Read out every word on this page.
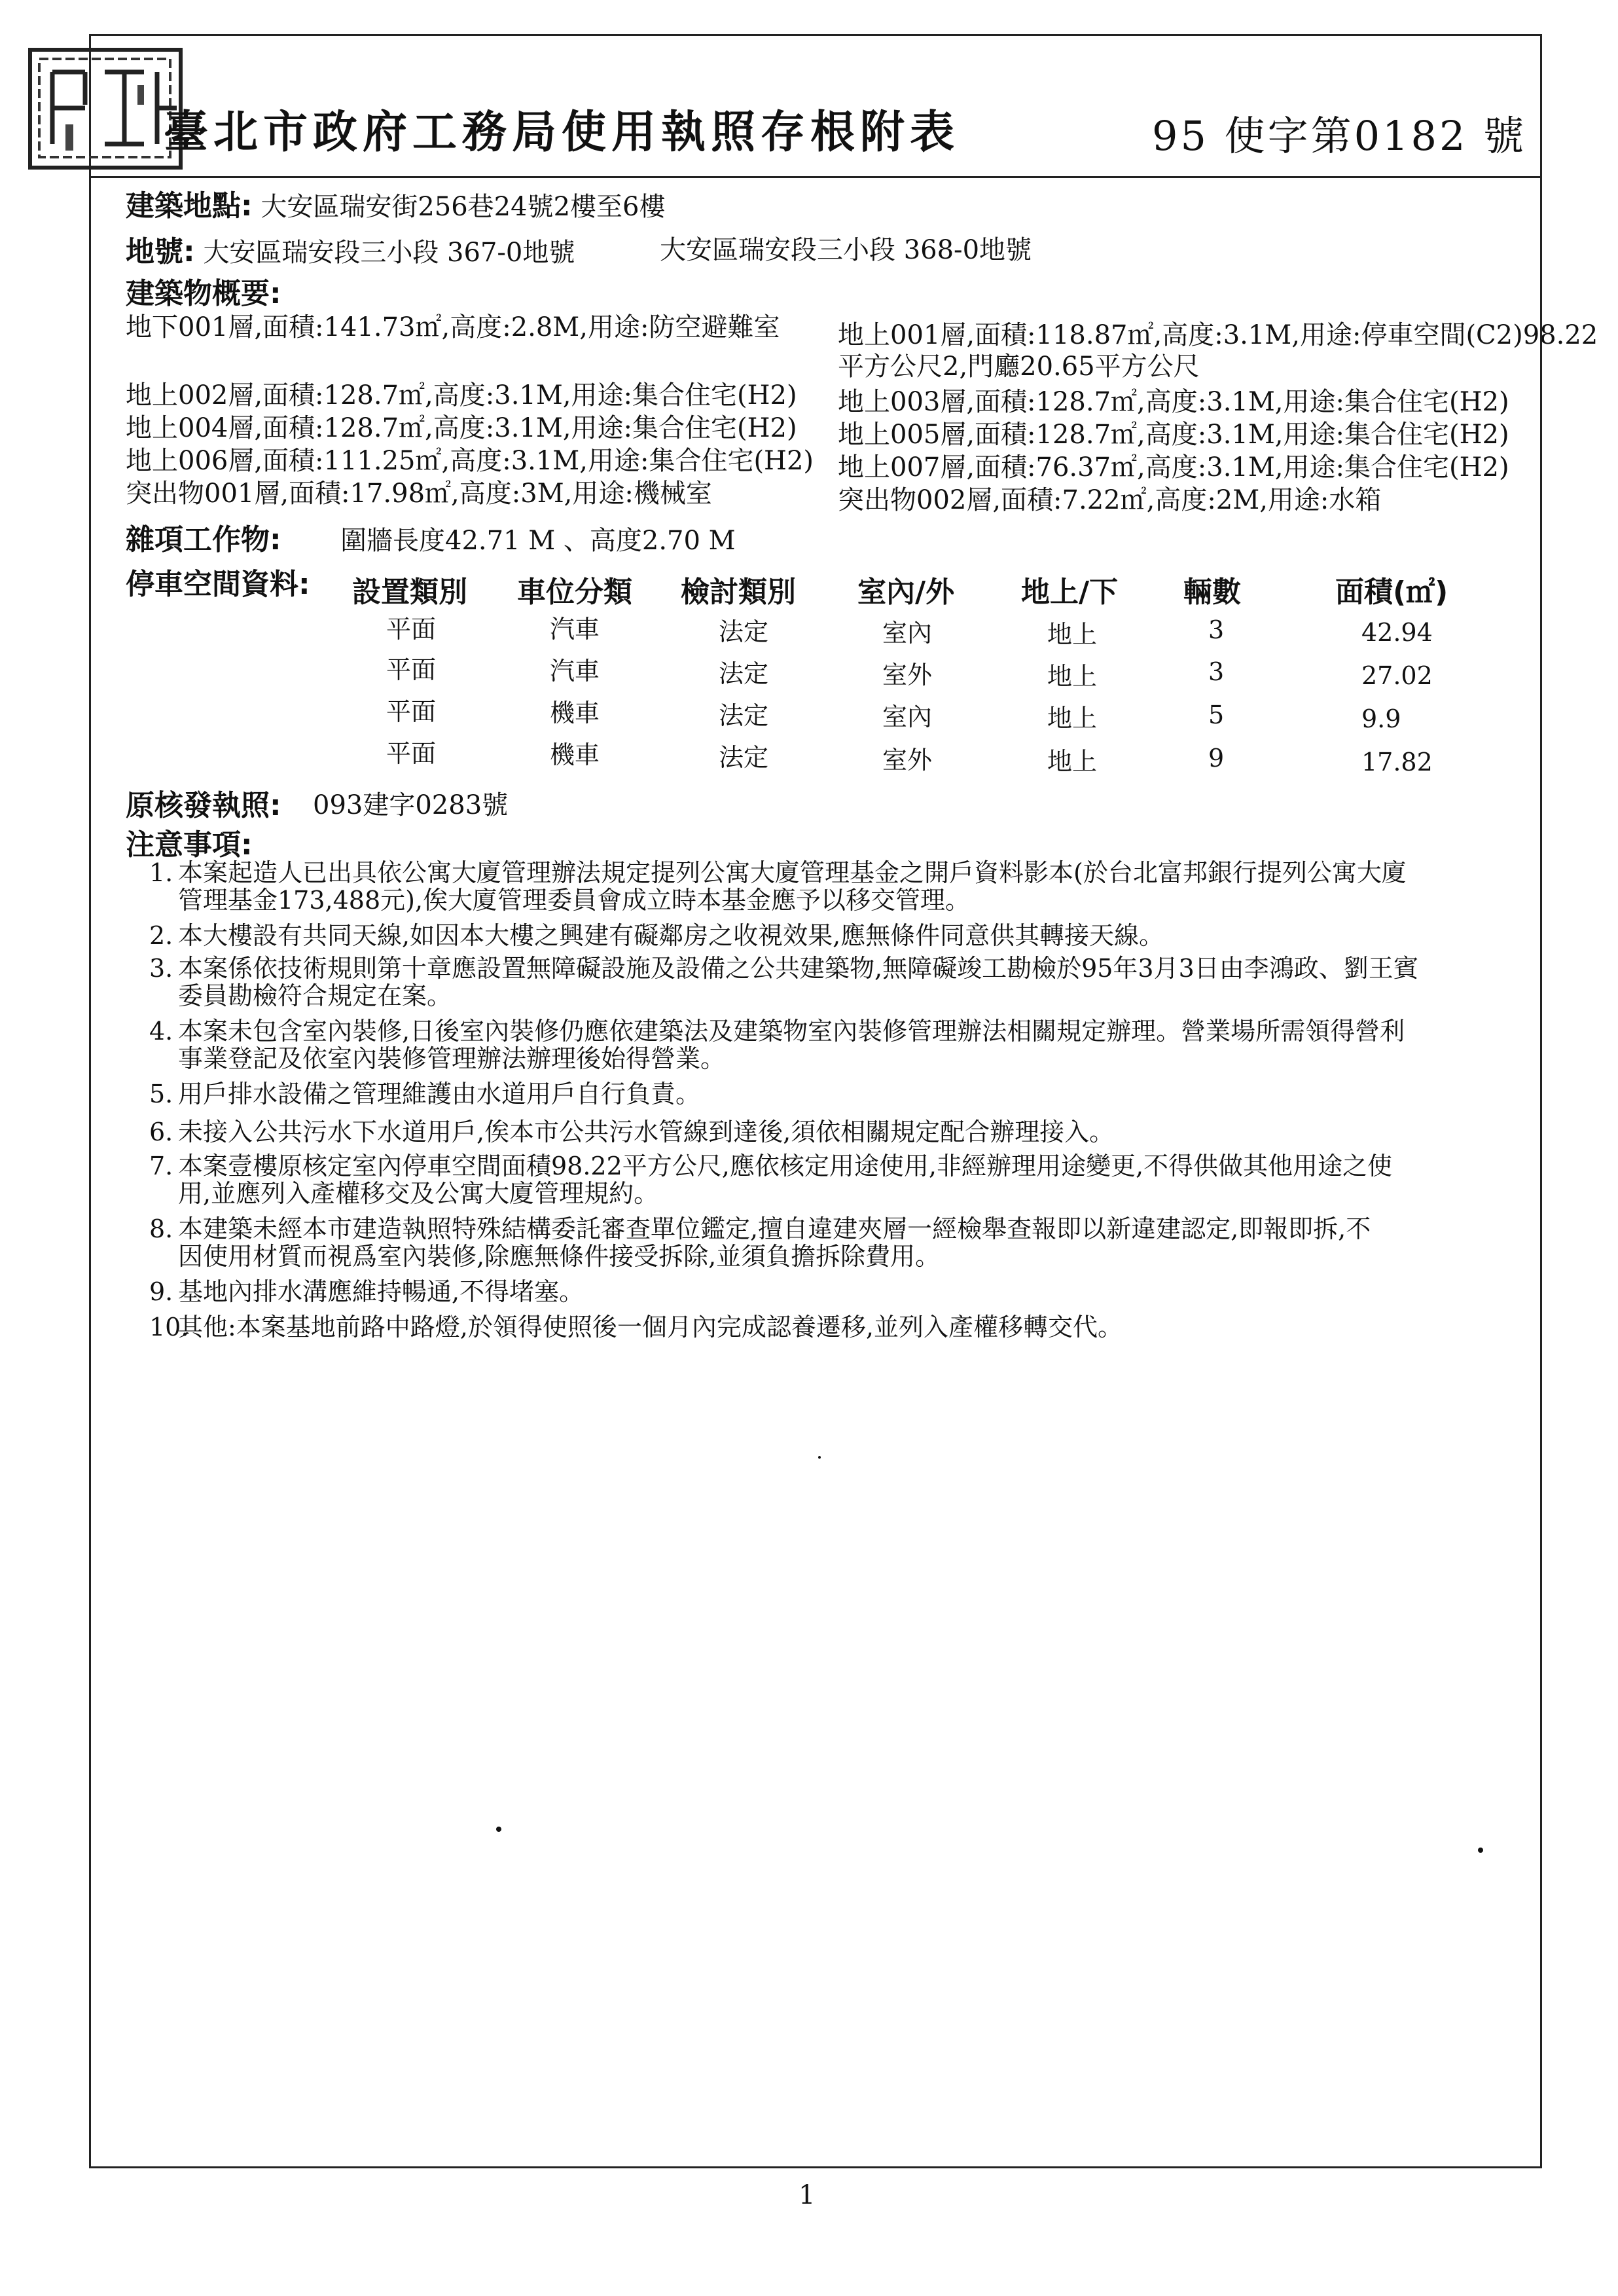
臺北市政府工務局使用執照存根附表	95 使字第0182 號
建築地點: 大安區瑞安街256巷24號2樓至6樓
地號: 大安區瑞安段三小段 367-0地號	大安區瑞安段三小段 368-0地號
建築物概要:
地下001層,面積:141.73㎡,高度:2.8M,用途:防空避難室
地上002層,面積:128.7㎡,高度:3.1M,用途:集合住宅(H2)
地上004層,面積:128.7㎡,高度:3.1M,用途:集合住宅(H2)
地上006層,面積:111.25㎡,高度:3.1M,用途:集合住宅(H2)
突出物001層,面積:17.98㎡,高度:3M,用途:機械室
地上001層,面積:118.87㎡,高度:3.1M,用途:停車空間(C2)98.22
平方公尺2,門廳20.65平方公尺
地上003層,面積:128.7㎡,高度:3.1M,用途:集合住宅(H2)
地上005層,面積:128.7㎡,高度:3.1M,用途:集合住宅(H2)
地上007層,面積:76.37㎡,高度:3.1M,用途:集合住宅(H2)
突出物002層,面積:7.22㎡,高度:2M,用途:水箱
雜項工作物: 圍牆長度42.71 M 、高度2.70 M
停車空間資料: 設置類別 車位分類 檢討類別 室內/外 地上/下 輛數	面積(㎡)
平面	汽車	法定	室內	地上	3	42.94
平面	汽車	法定	室外	地上	3	27.02
平面	機車	法定	室內	地上	5	9.9
平面	機車	法定	室外	地上	9	17.82
原核發執照: 093建字0283號
注意事項:
1. 本案起造人已出具依公寓大廈管理辦法規定提列公寓大廈管理基金之開戶資料影本(於台北富邦銀行提列公寓大廈
管理基金173,488元),俟大廈管理委員會成立時本基金應予以移交管理。
2. 本大樓設有共同天線,如因本大樓之興建有礙鄰房之收視效果,應無條件同意供其轉接天線。
3. 本案係依技術規則第十章應設置無障礙設施及設備之公共建築物,無障礙竣工勘檢於95年3月3日由李鴻政、劉王賓
委員勘檢符合規定在案。
4. 本案未包含室內裝修,日後室內裝修仍應依建築法及建築物室內裝修管理辦法相關規定辦理。營業場所需領得營利
事業登記及依室內裝修管理辦法辦理後始得營業。
5. 用戶排水設備之管理維護由水道用戶自行負責。
6. 未接入公共污水下水道用戶,俟本市公共污水管線到達後,須依相關規定配合辦理接入。
7. 本案壹樓原核定室內停車空間面積98.22平方公尺,應依核定用途使用,非經辦理用途變更,不得供做其他用途之使
用,並應列入產權移交及公寓大廈管理規約。
8. 本建築未經本市建造執照特殊結構委託審查單位鑑定,擅自違建夾層一經檢舉查報即以新違建認定,即報即拆,不
因使用材質而視爲室內裝修,除應無條件接受拆除,並須負擔拆除費用。
9. 基地內排水溝應維持暢通,不得堵塞。
10.其他:本案基地前路中路燈,於領得使照後一個月內完成認養遷移,並列入產權移轉交代。
1
